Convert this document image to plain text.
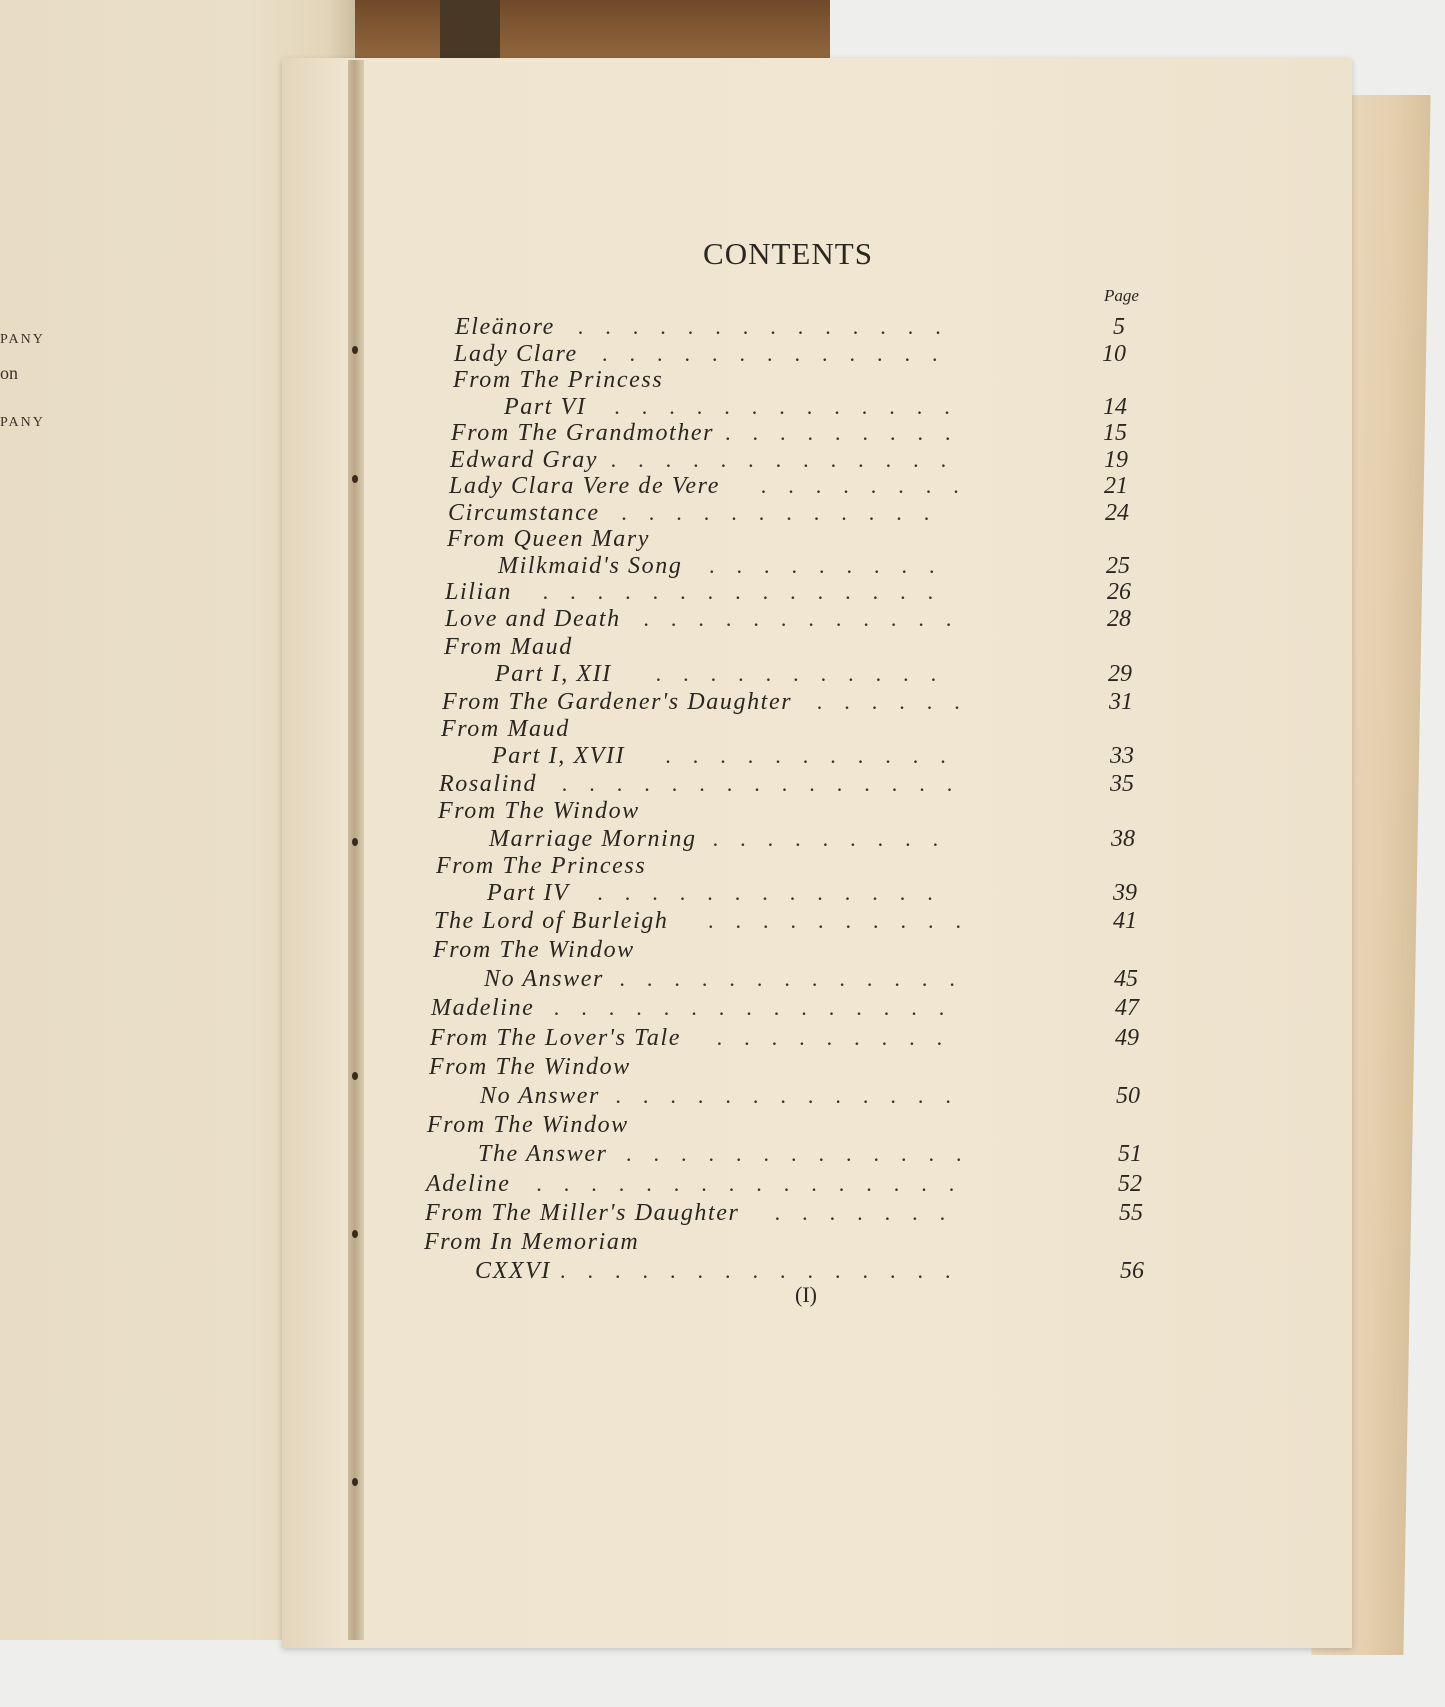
PANY
on
PANY
CONTENTS
Page
Eleänore ..............	5
Lady Clare .............	10
From The Princess
Part VI .............	14
From The Grandmother .........	15
Edward Gray .............	19
Lady Clara Vere de Vere ........	21
Circumstance ............	24
From Queen Mary
Milkmaid's Song .........	25
Lilian ...............	26
Love and Death ............	28
From Maud
Part I, XII ...........	29
From The Gardener's Daughter ......	31
From Maud
Part I, XVII ...........	33
Rosalind ...............	35
From The Window
Marriage Morning .........	38
From The Princess
Part IV .............	39
The Lord of Burleigh ..........	41
From The Window
No Answer .............	45
Madeline ...............	47
From The Lover's Tale .........	49
From The Window
No Answer .............	50
From The Window
The Answer .............	51
Adeline ................	52
From The Miller's Daughter .......	55
From In Memoriam
CXXVI ...............	56
(I)
